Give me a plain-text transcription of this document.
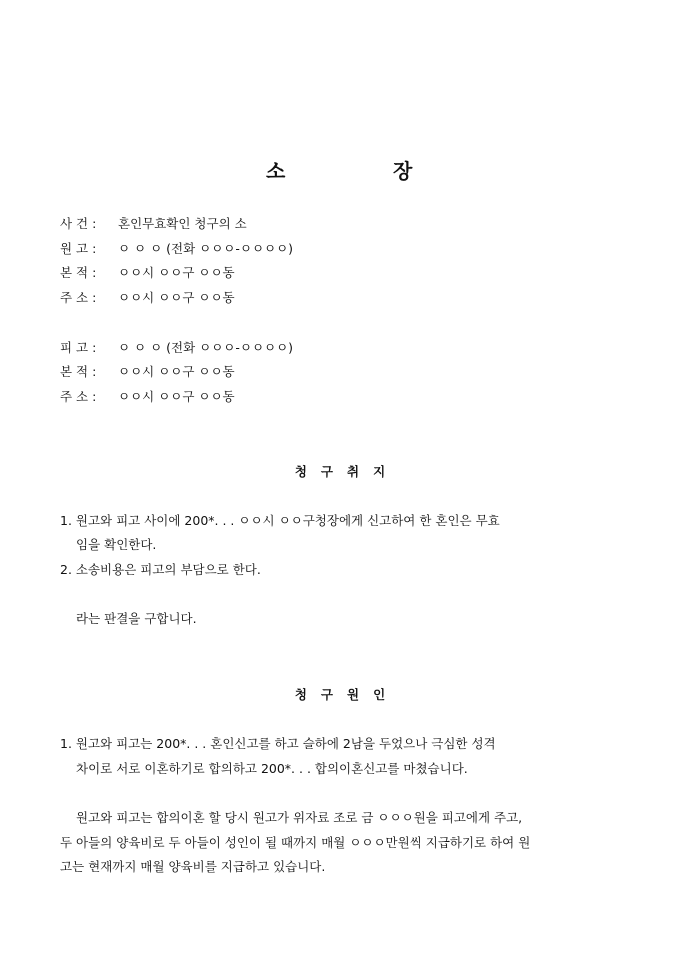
소	장
사 건 : 혼인무효확인 청구의 소
원 고 : ㅇ ㅇ ㅇ (전화 ㅇㅇㅇ-ㅇㅇㅇㅇ)
본 적 : ㅇㅇ시 ㅇㅇ구 ㅇㅇ동
주 소 : ㅇㅇ시 ㅇㅇ구 ㅇㅇ동
피 고 : ㅇ ㅇ ㅇ (전화 ㅇㅇㅇ-ㅇㅇㅇㅇ)
본 적 : ㅇㅇ시 ㅇㅇ구 ㅇㅇ동
주 소 : ㅇㅇ시 ㅇㅇ구 ㅇㅇ동
청구취지
1. 원고와 피고 사이에 200*. . . ㅇㅇ시 ㅇㅇ구청장에게 신고하여 한 혼인은 무효
임을 확인한다.
2. 소송비용은 피고의 부담으로 한다.
라는 판결을 구합니다.
청구원인
1. 원고와 피고는 200*. . . 혼인신고를 하고 슬하에 2남을 두었으나 극심한 성격
차이로 서로 이혼하기로 합의하고 200*. . . 합의이혼신고를 마쳤습니다.
원고와 피고는 합의이혼 할 당시 원고가 위자료 조로 금 ㅇㅇㅇ원을 피고에게 주고,
두 아들의 양육비로 두 아들이 성인이 될 때까지 매월 ㅇㅇㅇ만원씩 지급하기로 하여 원
고는 현재까지 매월 양육비를 지급하고 있습니다.
